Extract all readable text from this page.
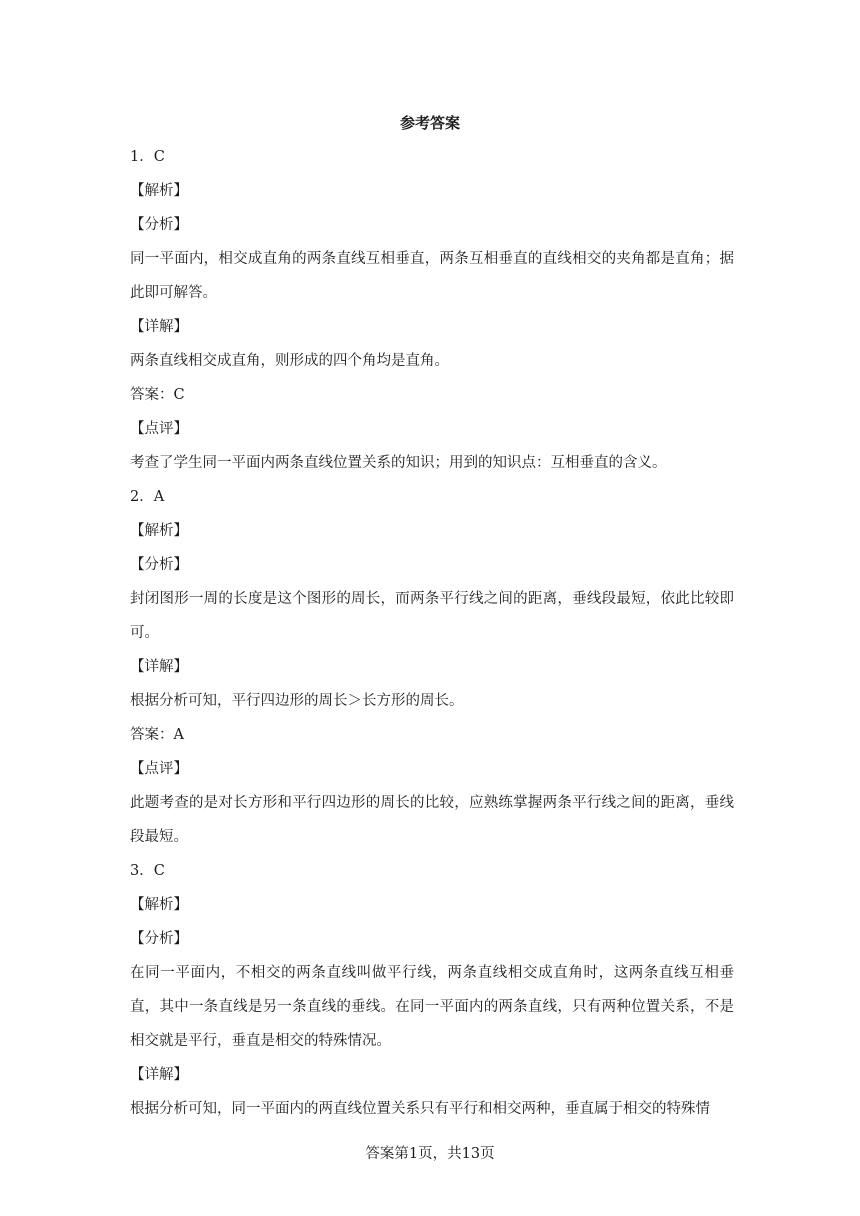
参考答案
1．C
【解析】
【分析】
同一平面内，相交成直角的两条直线互相垂直，两条互相垂直的直线相交的夹角都是直角；据此即可解答。
【详解】
两条直线相交成直角，则形成的四个角均是直角。
答案：C
【点评】
考查了学生同一平面内两条直线位置关系的知识；用到的知识点：互相垂直的含义。
2．A
【解析】
【分析】
封闭图形一周的长度是这个图形的周长，而两条平行线之间的距离，垂线段最短，依此比较即可。
【详解】
根据分析可知，平行四边形的周长＞长方形的周长。
答案：A
【点评】
此题考查的是对长方形和平行四边形的周长的比较，应熟练掌握两条平行线之间的距离，垂线段最短。
3．C
【解析】
【分析】
在同一平面内，不相交的两条直线叫做平行线，两条直线相交成直角时，这两条直线互相垂直，其中一条直线是另一条直线的垂线。在同一平面内的两条直线，只有两种位置关系，不是相交就是平行，垂直是相交的特殊情况。
【详解】
根据分析可知，同一平面内的两直线位置关系只有平行和相交两种，垂直属于相交的特殊情
答案第1页，共13页
